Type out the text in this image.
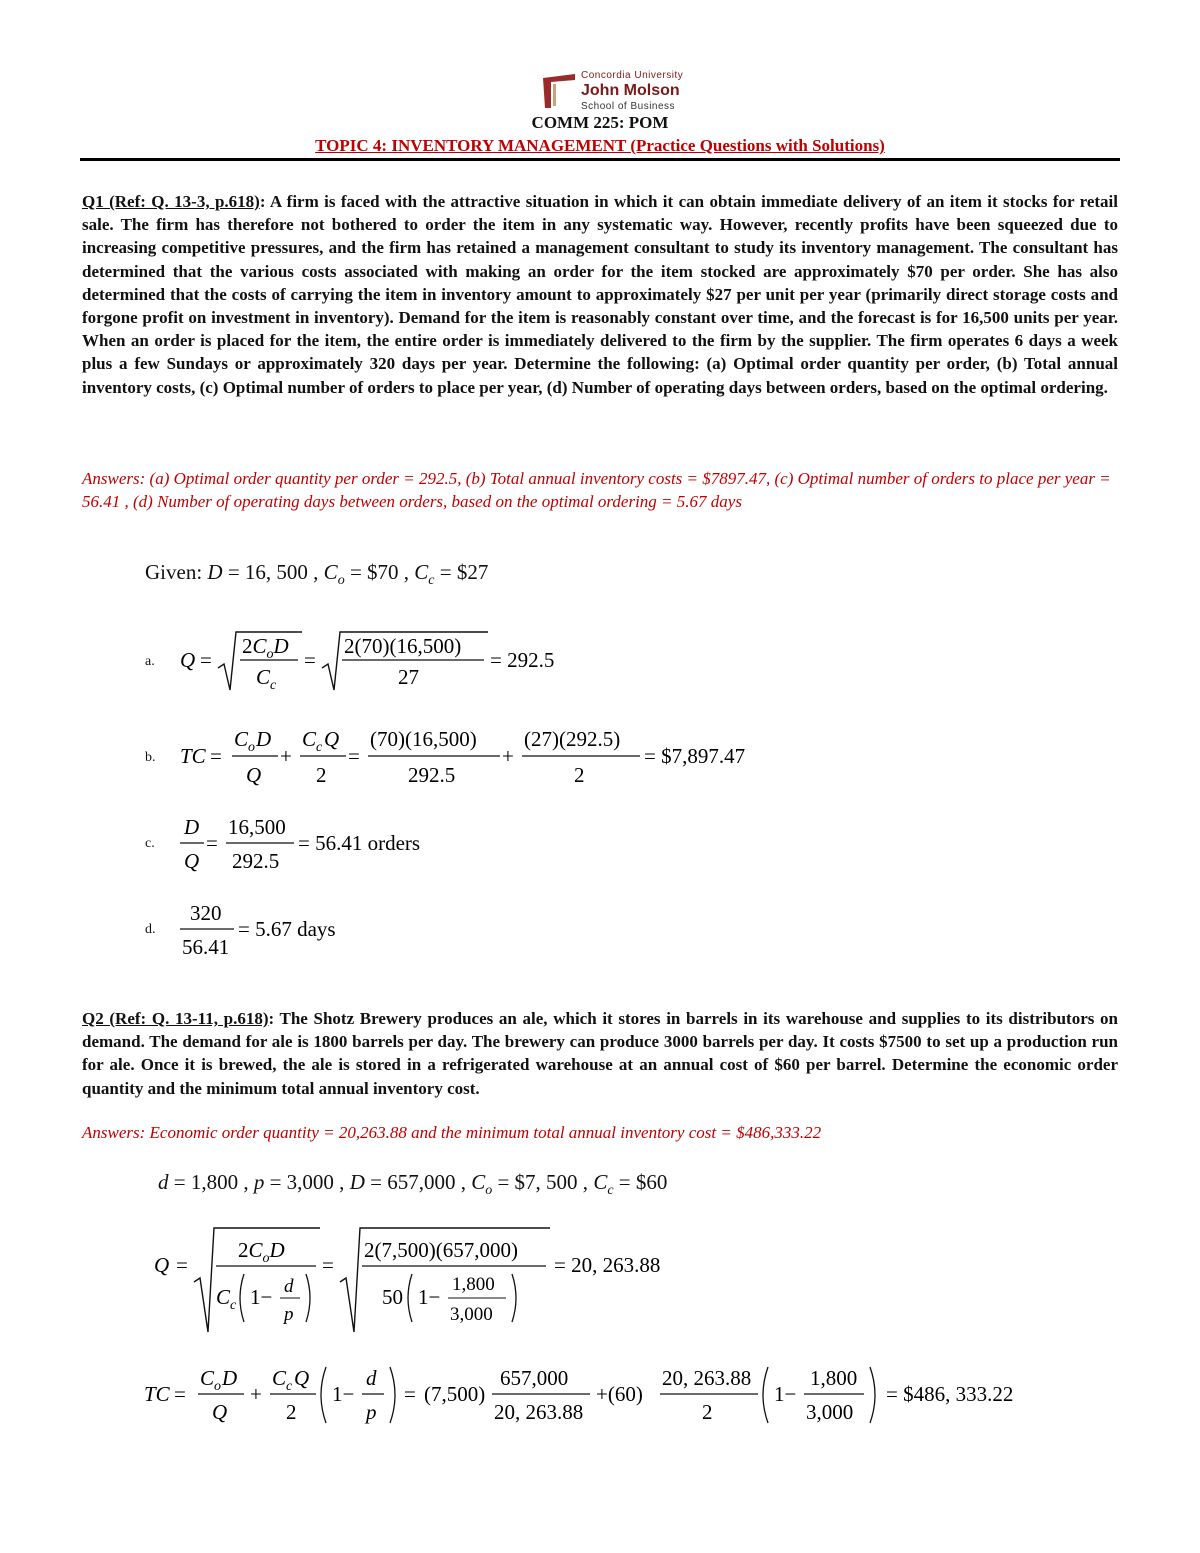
Concordia University
John Molson
School of Business
COMM 225: POM
TOPIC 4: INVENTORY MANAGEMENT (Practice Questions with Solutions)
Q1 (Ref: Q. 13-3, p.618): A firm is faced with the attractive situation in which it can obtain immediate delivery of an item it stocks for retail sale. The firm has therefore not bothered to order the item in any systematic way. However, recently profits have been squeezed due to increasing competitive pressures, and the firm has retained a management consultant to study its inventory management. The consultant has determined that the various costs associated with making an order for the item stocked are approximately $70 per order. She has also determined that the costs of carrying the item in inventory amount to approximately $27 per unit per year (primarily direct storage costs and forgone profit on investment in inventory). Demand for the item is reasonably constant over time, and the forecast is for 16,500 units per year. When an order is placed for the item, the entire order is immediately delivered to the firm by the supplier. The firm operates 6 days a week plus a few Sundays or approximately 320 days per year. Determine the following: (a) Optimal order quantity per order, (b) Total annual inventory costs, (c) Optimal number of orders to place per year, (d) Number of operating days between orders, based on the optimal ordering.
Answers: (a) Optimal order quantity per order = 292.5, (b) Total annual inventory costs = $7897.47, (c) Optimal number of orders to place per year = 56.41 , (d) Number of operating days between orders, based on the optimal ordering = 5.67 days
Given: D = 16, 500 , $C_o$ = $70 , $C_c$ = $27
a. Q =
$2C_oD$
C c
=
2(70)(16,500)
27
= 292.5
b. TC =
C o D
Q
+
C c Q
2
=
(70)(16,500)
292.5
+
(27)(292.5)
2
= $7,897.47
c.
D
Q
=
16,500
292.5
= 56.41 orders
d.
320
56.41
= 5.67 days
Q2 (Ref: Q. 13-11, p.618): The Shotz Brewery produces an ale, which it stores in barrels in its warehouse and supplies to its distributors on demand. The demand for ale is 1800 barrels per day. The brewery can produce 3000 barrels per day. It costs $7500 to set up a production run for ale. Once it is brewed, the ale is stored in a refrigerated warehouse at an annual cost of $60 per barrel. Determine the economic order quantity and the minimum total annual inventory cost.
Answers: Economic order quantity = 20,263.88 and the minimum total annual inventory cost = $486,333.22
d = 1,800 , p = 3,000 , D = 657,000 , $C_o$ = $7, 500 , $C_c$ = $60
Q =
$2C_oD$
C c 1− d
p
=
2(7,500)(657,000)
50 1−
1,800
3,000
= 20, 263.88
TC =
C o D
Q
+
C c Q
2
1−
d
p
= (7,500)
657,000
20, 263.88
+(60)
20, 263.88
2
1−
1,800
3,000
= $486, 333.22
